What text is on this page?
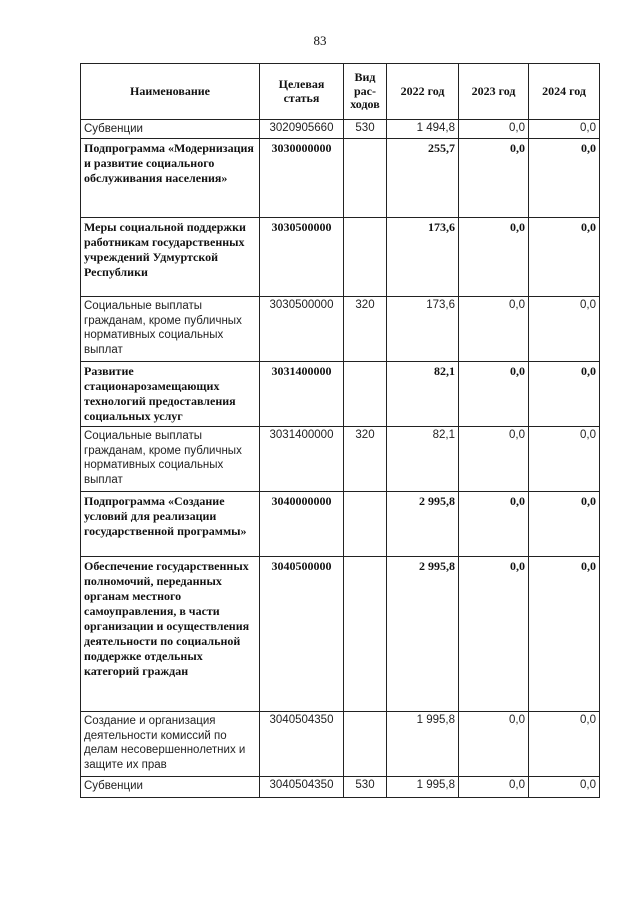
83
Наименование	Целевая статья	Вид рас-ходов	2022 год	2023 год	2024 год
Субвенции	3020905660	530	1 494,8	0,0	0,0
Подпрограмма «Модернизация и развитие социального обслуживания населения»	3030000000		255,7	0,0	0,0
Меры социальной поддержки работникам государственных учреждений Удмуртской Республики	3030500000		173,6	0,0	0,0
Социальные выплаты гражданам, кроме публичных нормативных социальных выплат	3030500000	320	173,6	0,0	0,0
Развитие стационарозамещающих технологий предоставления социальных услуг	3031400000		82,1	0,0	0,0
Социальные выплаты гражданам, кроме публичных нормативных социальных выплат	3031400000	320	82,1	0,0	0,0
Подпрограмма «Создание условий для реализации государственной программы»	3040000000		2 995,8	0,0	0,0
Обеспечение государственных полномочий, переданных органам местного самоуправления, в части организации и осуществления деятельности по социальной поддержке отдельных категорий граждан	3040500000		2 995,8	0,0	0,0
Создание и организация деятельности комиссий по делам несовершеннолетних и защите их прав	3040504350		1 995,8	0,0	0,0
Субвенции	3040504350	530	1 995,8	0,0	0,0
